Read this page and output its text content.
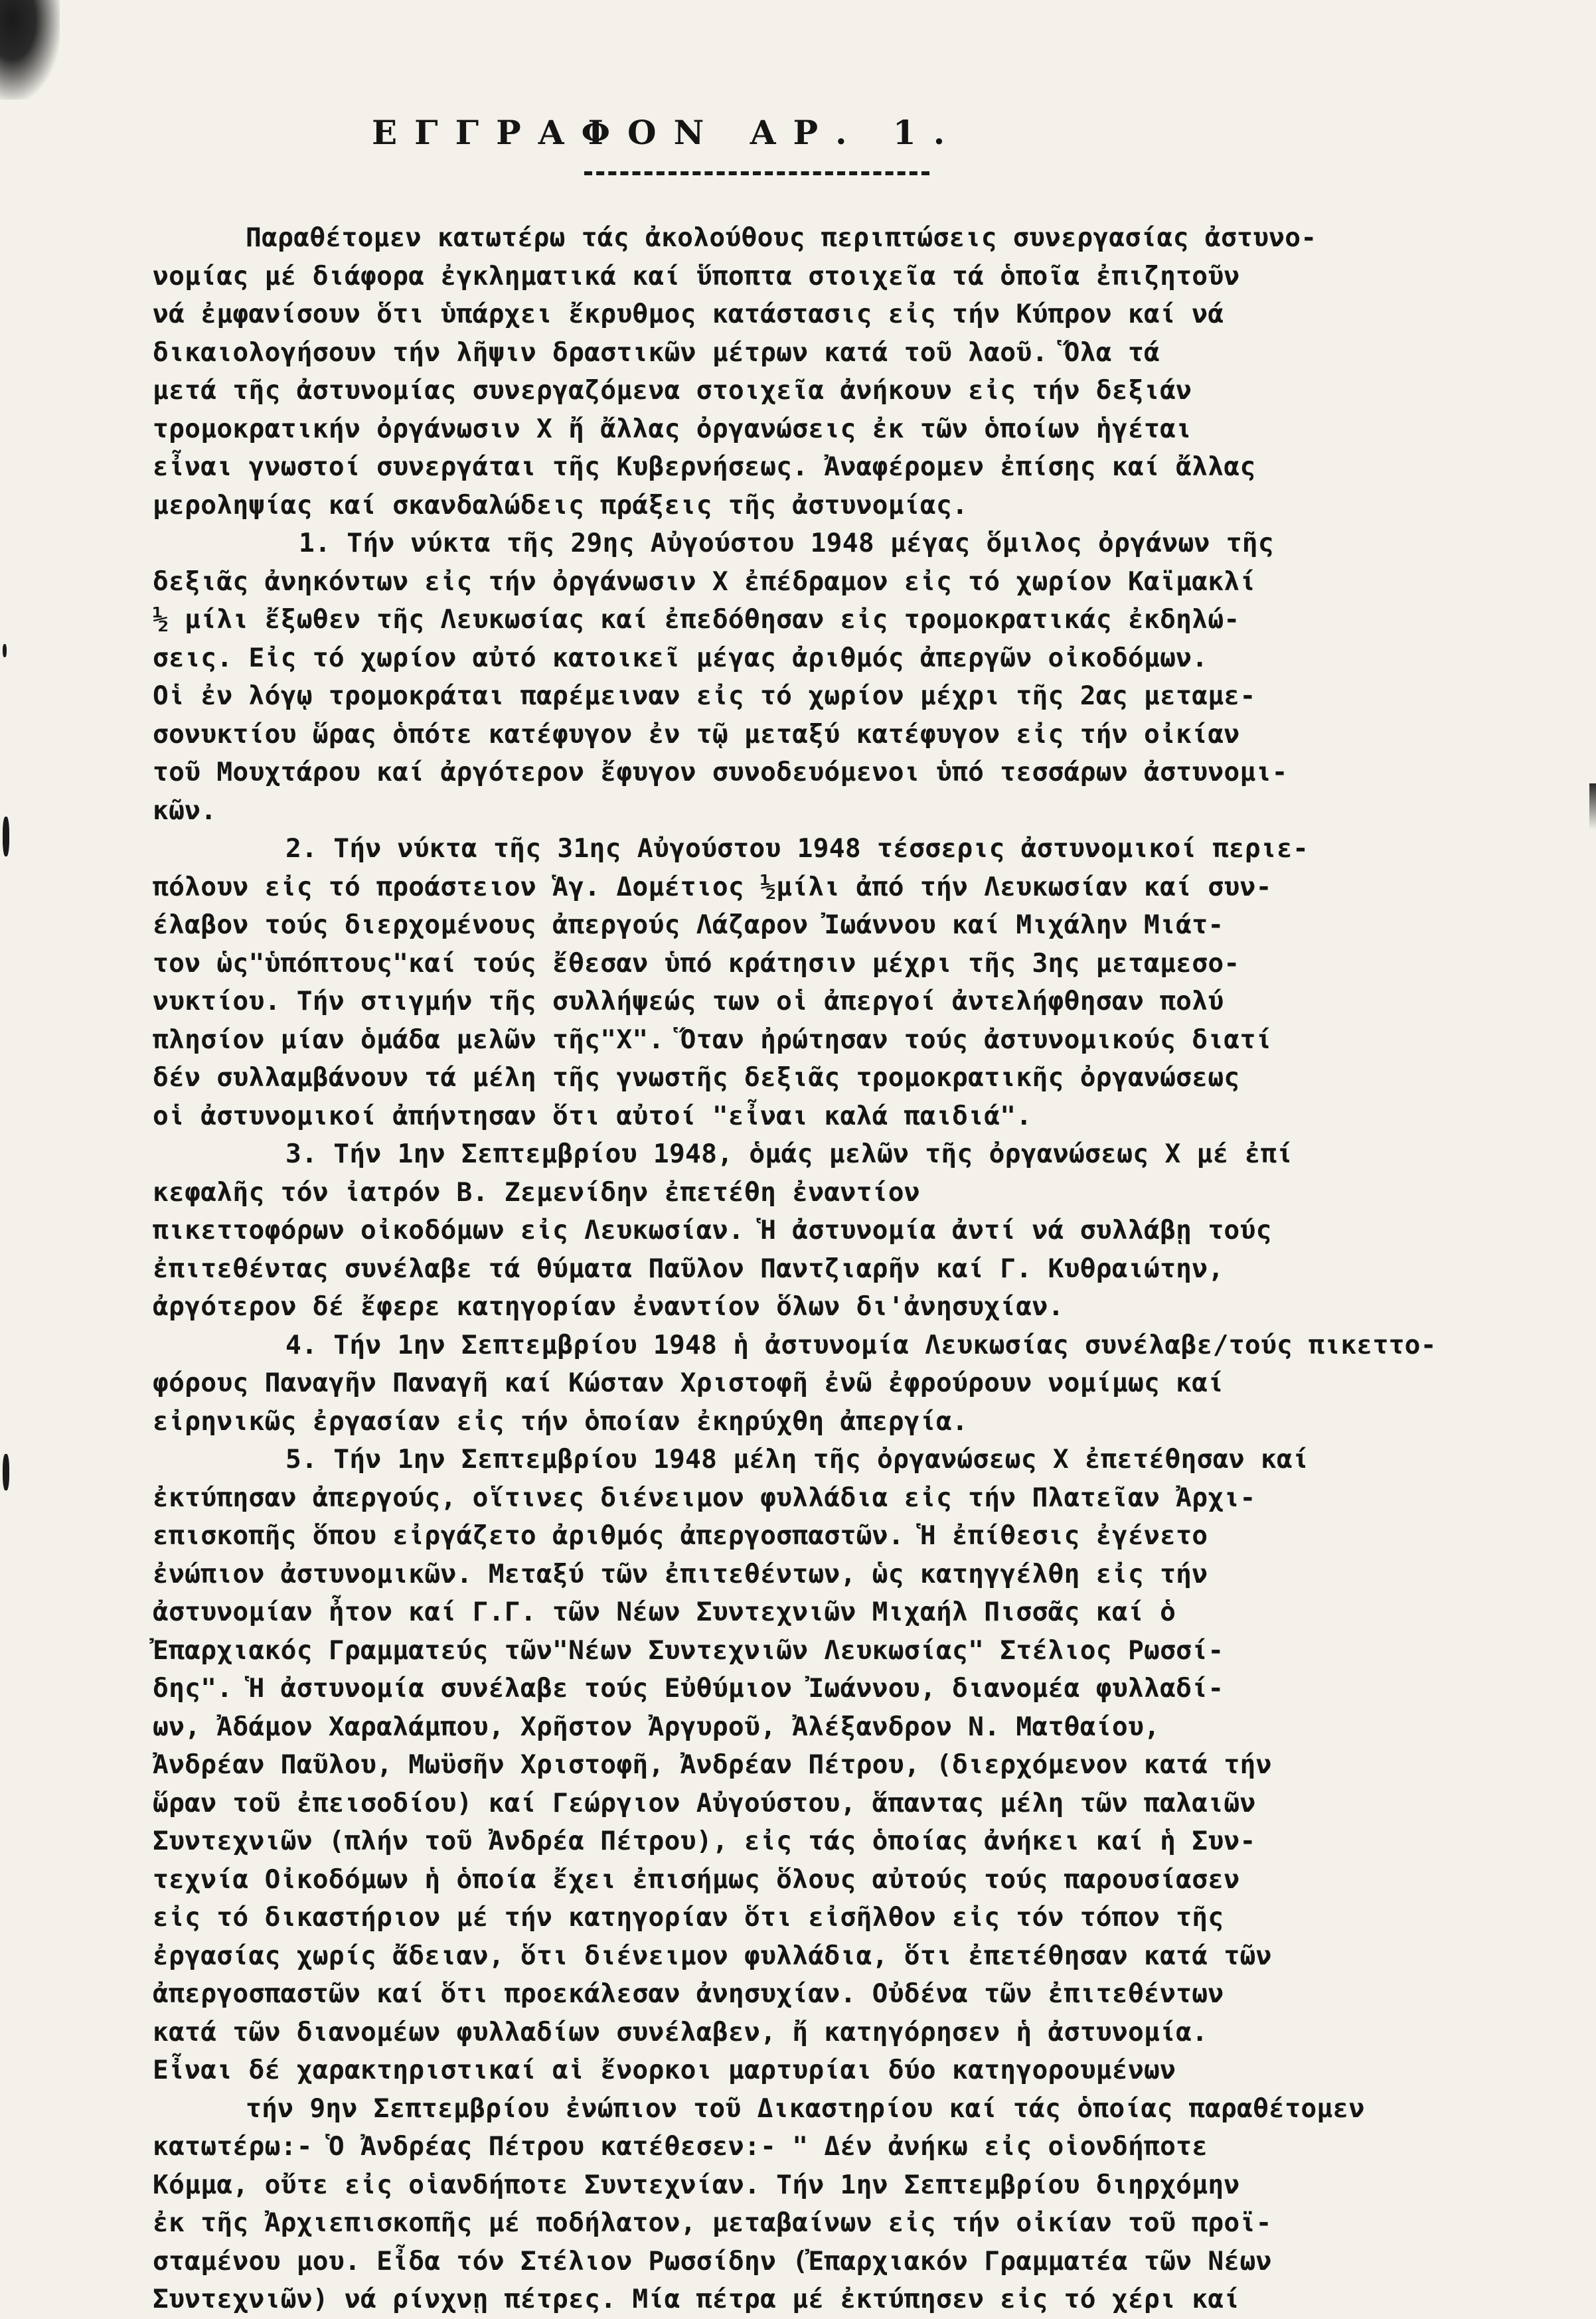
ΕΓΓΡΑΦΟΝ ΑΡ. 1.
Παραθέτομεν κατωτέρω τάς ἀκολούθους περιπτώσεις συνεργασίας ἀστυνο-
νομίας μέ διάφορα ἐγκληματικά καί ὕποπτα στοιχεῖα τά ὁποῖα ἐπιζητοῦν
νά ἐμφανίσουν ὅτι ὑπάρχει ἔκρυθμος κατάστασις εἰς τήν Κύπρον καί νά
δικαιολογήσουν τήν λῆψιν δραστικῶν μέτρων κατά τοῦ λαοῦ. Ὅλα τά
μετά τῆς ἀστυνομίας συνεργαζόμενα στοιχεῖα ἀνήκουν εἰς τήν δεξιάν
τρομοκρατικήν ὀργάνωσιν Χ ἤ ἄλλας ὀργανώσεις ἐκ τῶν ὁποίων ἡγέται
εἶναι γνωστοί συνεργάται τῆς Κυβερνήσεως. Ἀναφέρομεν ἐπίσης καί ἄλλας
μεροληψίας καί σκανδαλώδεις πράξεις τῆς ἀστυνομίας.
1. Τήν νύκτα τῆς 29ης Αὐγούστου 1948 μέγας ὅμιλος ὀργάνων τῆς
δεξιᾶς ἀνηκόντων εἰς τήν ὀργάνωσιν Χ ἐπέδραμον εἰς τό χωρίον Καϊμακλί
½ μίλι ἔξωθεν τῆς Λευκωσίας καί ἐπεδόθησαν εἰς τρομοκρατικάς ἐκδηλώ-
σεις. Εἰς τό χωρίον αὐτό κατοικεῖ μέγας ἀριθμός ἀπεργῶν οἰκοδόμων.
Οἱ ἐν λόγῳ τρομοκράται παρέμειναν εἰς τό χωρίον μέχρι τῆς 2ας μεταμε-
σονυκτίου ὥρας ὁπότε κατέφυγον ἐν τῷ μεταξύ κατέφυγον εἰς τήν οἰκίαν
τοῦ Μουχτάρου καί ἀργότερον ἔφυγον συνοδευόμενοι ὑπό τεσσάρων ἀστυνομι-
κῶν.
2. Τήν νύκτα τῆς 31ης Αὐγούστου 1948 τέσσερις ἀστυνομικοί περιε-
πόλουν εἰς τό προάστειον Ἁγ. Δομέτιος ½μίλι ἀπό τήν Λευκωσίαν καί συν-
έλαβον τούς διερχομένους ἀπεργούς Λάζαρον Ἰωάννου καί Μιχάλην Μιάτ-
τον ὡς"ὑπόπτους"καί τούς ἔθεσαν ὑπό κράτησιν μέχρι τῆς 3ης μεταμεσο-
νυκτίου. Τήν στιγμήν τῆς συλλήψεώς των οἱ ἀπεργοί ἀντελήφθησαν πολύ
πλησίον μίαν ὁμάδα μελῶν τῆς"Χ". Ὅταν ἠρώτησαν τούς ἀστυνομικούς διατί
δέν συλλαμβάνουν τά μέλη τῆς γνωστῆς δεξιᾶς τρομοκρατικῆς ὀργανώσεως
οἱ ἀστυνομικοί ἀπήντησαν ὅτι αὐτοί "εἶναι καλά παιδιά".
3. Τήν 1ην Σεπτεμβρίου 1948, ὁμάς μελῶν τῆς ὀργανώσεως Χ μέ ἐπί
κεφαλῆς τόν ἰατρόν Β. Ζεμενίδην ἐπετέθη ἐναντίον
πικεττοφόρων οἰκοδόμων εἰς Λευκωσίαν. Ἡ ἀστυνομία ἀντί νά συλλάβῃ τούς
ἐπιτεθέντας συνέλαβε τά θύματα Παῦλον Παντζιαρῆν καί Γ. Κυθραιώτην,
ἀργότερον δέ ἔφερε κατηγορίαν ἐναντίον ὅλων δι'ἀνησυχίαν.
4. Τήν 1ην Σεπτεμβρίου 1948 ἡ ἀστυνομία Λευκωσίας συνέλαβε/τούς πικεττο-
φόρους Παναγῆν Παναγῆ καί Κώσταν Χριστοφῆ ἐνῶ ἐφρούρουν νομίμως καί
εἰρηνικῶς ἐργασίαν εἰς τήν ὁποίαν ἐκηρύχθη ἀπεργία.
5. Τήν 1ην Σεπτεμβρίου 1948 μέλη τῆς ὀργανώσεως Χ ἐπετέθησαν καί
ἐκτύπησαν ἀπεργούς, οἵτινες διένειμον φυλλάδια εἰς τήν Πλατεῖαν Ἀρχι-
επισκοπῆς ὅπου εἰργάζετο ἀριθμός ἀπεργοσπαστῶν. Ἡ ἐπίθεσις ἐγένετο
ἐνώπιον ἀστυνομικῶν. Μεταξύ τῶν ἐπιτεθέντων, ὡς κατηγγέλθη εἰς τήν
ἀστυνομίαν ἦτον καί Γ.Γ. τῶν Νέων Συντεχνιῶν Μιχαήλ Πισσᾶς καί ὁ
Ἐπαρχιακός Γραμματεύς τῶν"Νέων Συντεχνιῶν Λευκωσίας" Στέλιος Ρωσσί-
δης". Ἡ ἀστυνομία συνέλαβε τούς Εὐθύμιον Ἰωάννου, διανομέα φυλλαδί-
ων, Ἀδάμον Χαραλάμπου, Χρῆστον Ἀργυροῦ, Ἀλέξανδρον Ν. Ματθαίου,
Ἀνδρέαν Παῦλου, Μωϋσῆν Χριστοφῆ, Ἀνδρέαν Πέτρου, (διερχόμενον κατά τήν
ὥραν τοῦ ἐπεισοδίου) καί Γεώργιον Αὐγούστου, ἅπαντας μέλη τῶν παλαιῶν
Συντεχνιῶν (πλήν τοῦ Ἀνδρέα Πέτρου), εἰς τάς ὁποίας ἀνήκει καί ἡ Συν-
τεχνία Οἰκοδόμων ἡ ὁποία ἔχει ἐπισήμως ὅλους αὐτούς τούς παρουσίασεν
εἰς τό δικαστήριον μέ τήν κατηγορίαν ὅτι εἰσῆλθον εἰς τόν τόπον τῆς
ἐργασίας χωρίς ἄδειαν, ὅτι διένειμον φυλλάδια, ὅτι ἐπετέθησαν κατά τῶν
ἀπεργοσπαστῶν καί ὅτι προεκάλεσαν ἀνησυχίαν. Οὐδένα τῶν ἐπιτεθέντων
κατά τῶν διανομέων φυλλαδίων συνέλαβεν, ἤ κατηγόρησεν ἡ ἀστυνομία.
Εἶναι δέ χαρακτηριστικαί αἱ ἔνορκοι μαρτυρίαι δύο κατηγορουμένων
τήν 9ην Σεπτεμβρίου ἐνώπιον τοῦ Δικαστηρίου καί τάς ὁποίας παραθέτομεν
κατωτέρω:- Ὁ Ἀνδρέας Πέτρου κατέθεσεν:- " Δέν ἀνήκω εἰς οἱονδήποτε
Κόμμα, οὔτε εἰς οἱανδήποτε Συντεχνίαν. Τήν 1ην Σεπτεμβρίου διηρχόμην
ἐκ τῆς Ἀρχιεπισκοπῆς μέ ποδήλατον, μεταβαίνων εἰς τήν οἰκίαν τοῦ προϊ-
σταμένου μου. Εἶδα τόν Στέλιον Ρωσσίδην (Ἐπαρχιακόν Γραμματέα τῶν Νέων
Συντεχνιῶν) νά ρίνχνῃ πέτρες. Μία πέτρα μέ ἐκτύπησεν εἰς τό χέρι καί
